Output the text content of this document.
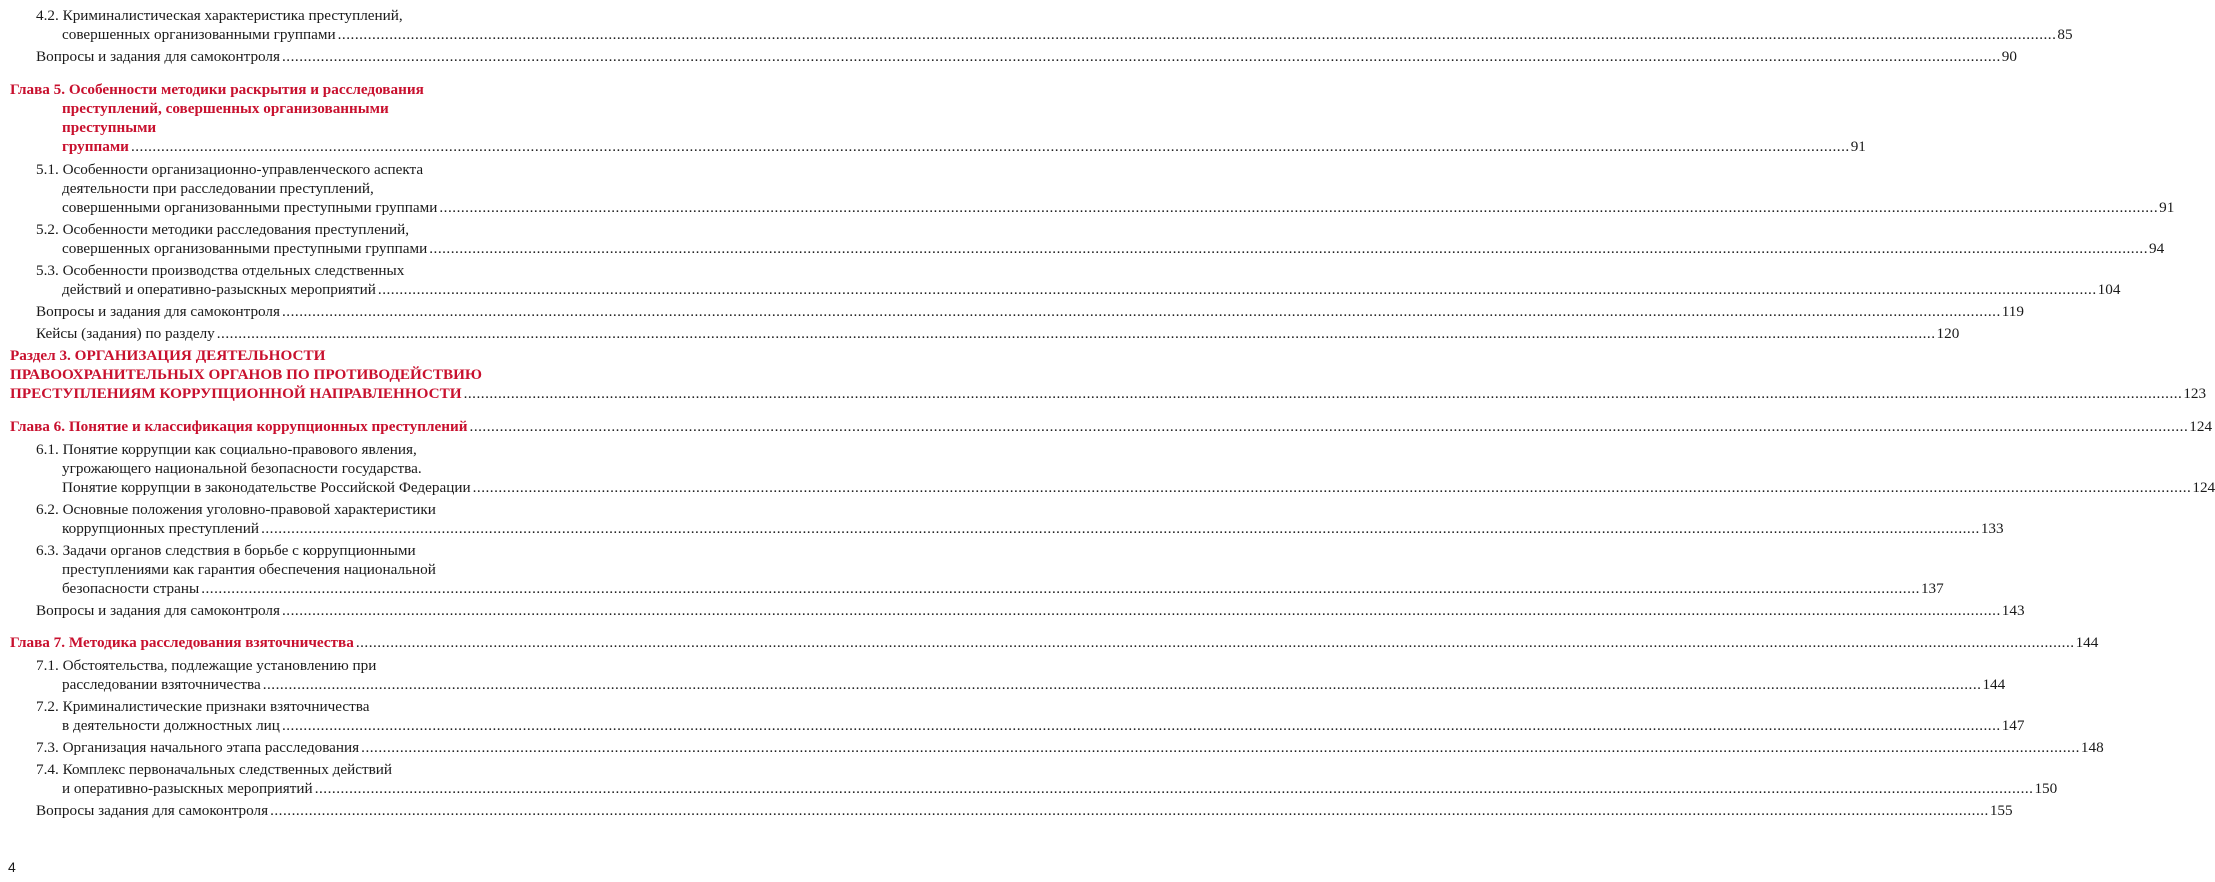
4.2. Криминалистическая характеристика преступлений,
совершенных организованными группами ................................................................................................................................................................................................................................................................................................................................................................................................................ 85
Вопросы и задания для самоконтроля ................................................................................................................................................................................................................................................................................................................................................................................................................ 90
Глава 5. Особенности методики раскрытия и расследования
преступлений, совершенных организованными
преступными
группами ................................................................................................................................................................................................................................................................................................................................................................................................................ 91
5.1. Особенности организационно-управленческого аспекта
деятельности при расследовании преступлений,
совершенными организованными преступными группами ................................................................................................................................................................................................................................................................................................................................................................................................................ 91
5.2. Особенности методики расследования преступлений,
совершенных организованными преступными группами ................................................................................................................................................................................................................................................................................................................................................................................................................ 94
5.3. Особенности производства отдельных следственных
действий и оперативно-разыскных мероприятий ................................................................................................................................................................................................................................................................................................................................................................................................................ 104
Вопросы и задания для самоконтроля ................................................................................................................................................................................................................................................................................................................................................................................................................ 119
Кейсы (задания) по разделу ................................................................................................................................................................................................................................................................................................................................................................................................................ 120
Раздел 3. ОРГАНИЗАЦИЯ ДЕЯТЕЛЬНОСТИ
ПРАВООХРАНИТЕЛЬНЫХ ОРГАНОВ ПО ПРОТИВОДЕЙСТВИЮ
ПРЕСТУПЛЕНИЯМ КОРРУПЦИОННОЙ НАПРАВЛЕННОСТИ ................................................................................................................................................................................................................................................................................................................................................................................................................ 123
Глава 6. Понятие и классификация коррупционных преступлений ................................................................................................................................................................................................................................................................................................................................................................................................................ 124
6.1. Понятие коррупции как социально-правового явления,
угрожающего национальной безопасности государства.
Понятие коррупции в законодательстве Российской Федерации ................................................................................................................................................................................................................................................................................................................................................................................................................ 124
6.2. Основные положения уголовно-правовой характеристики
коррупционных преступлений ................................................................................................................................................................................................................................................................................................................................................................................................................ 133
6.3. Задачи органов следствия в борьбе с коррупционными
преступлениями как гарантия обеспечения национальной
безопасности страны ................................................................................................................................................................................................................................................................................................................................................................................................................ 137
Вопросы и задания для самоконтроля ................................................................................................................................................................................................................................................................................................................................................................................................................ 143
Глава 7. Методика расследования взяточничества ................................................................................................................................................................................................................................................................................................................................................................................................................ 144
7.1. Обстоятельства, подлежащие установлению при
расследовании взяточничества ................................................................................................................................................................................................................................................................................................................................................................................................................ 144
7.2. Криминалистические признаки взяточничества
в деятельности должностных лиц ................................................................................................................................................................................................................................................................................................................................................................................................................ 147
7.3. Организация начального этапа расследования ................................................................................................................................................................................................................................................................................................................................................................................................................ 148
7.4. Комплекс первоначальных следственных действий
и оперативно-разыскных мероприятий ................................................................................................................................................................................................................................................................................................................................................................................................................ 150
Вопросы задания для самоконтроля ................................................................................................................................................................................................................................................................................................................................................................................................................ 155
4
